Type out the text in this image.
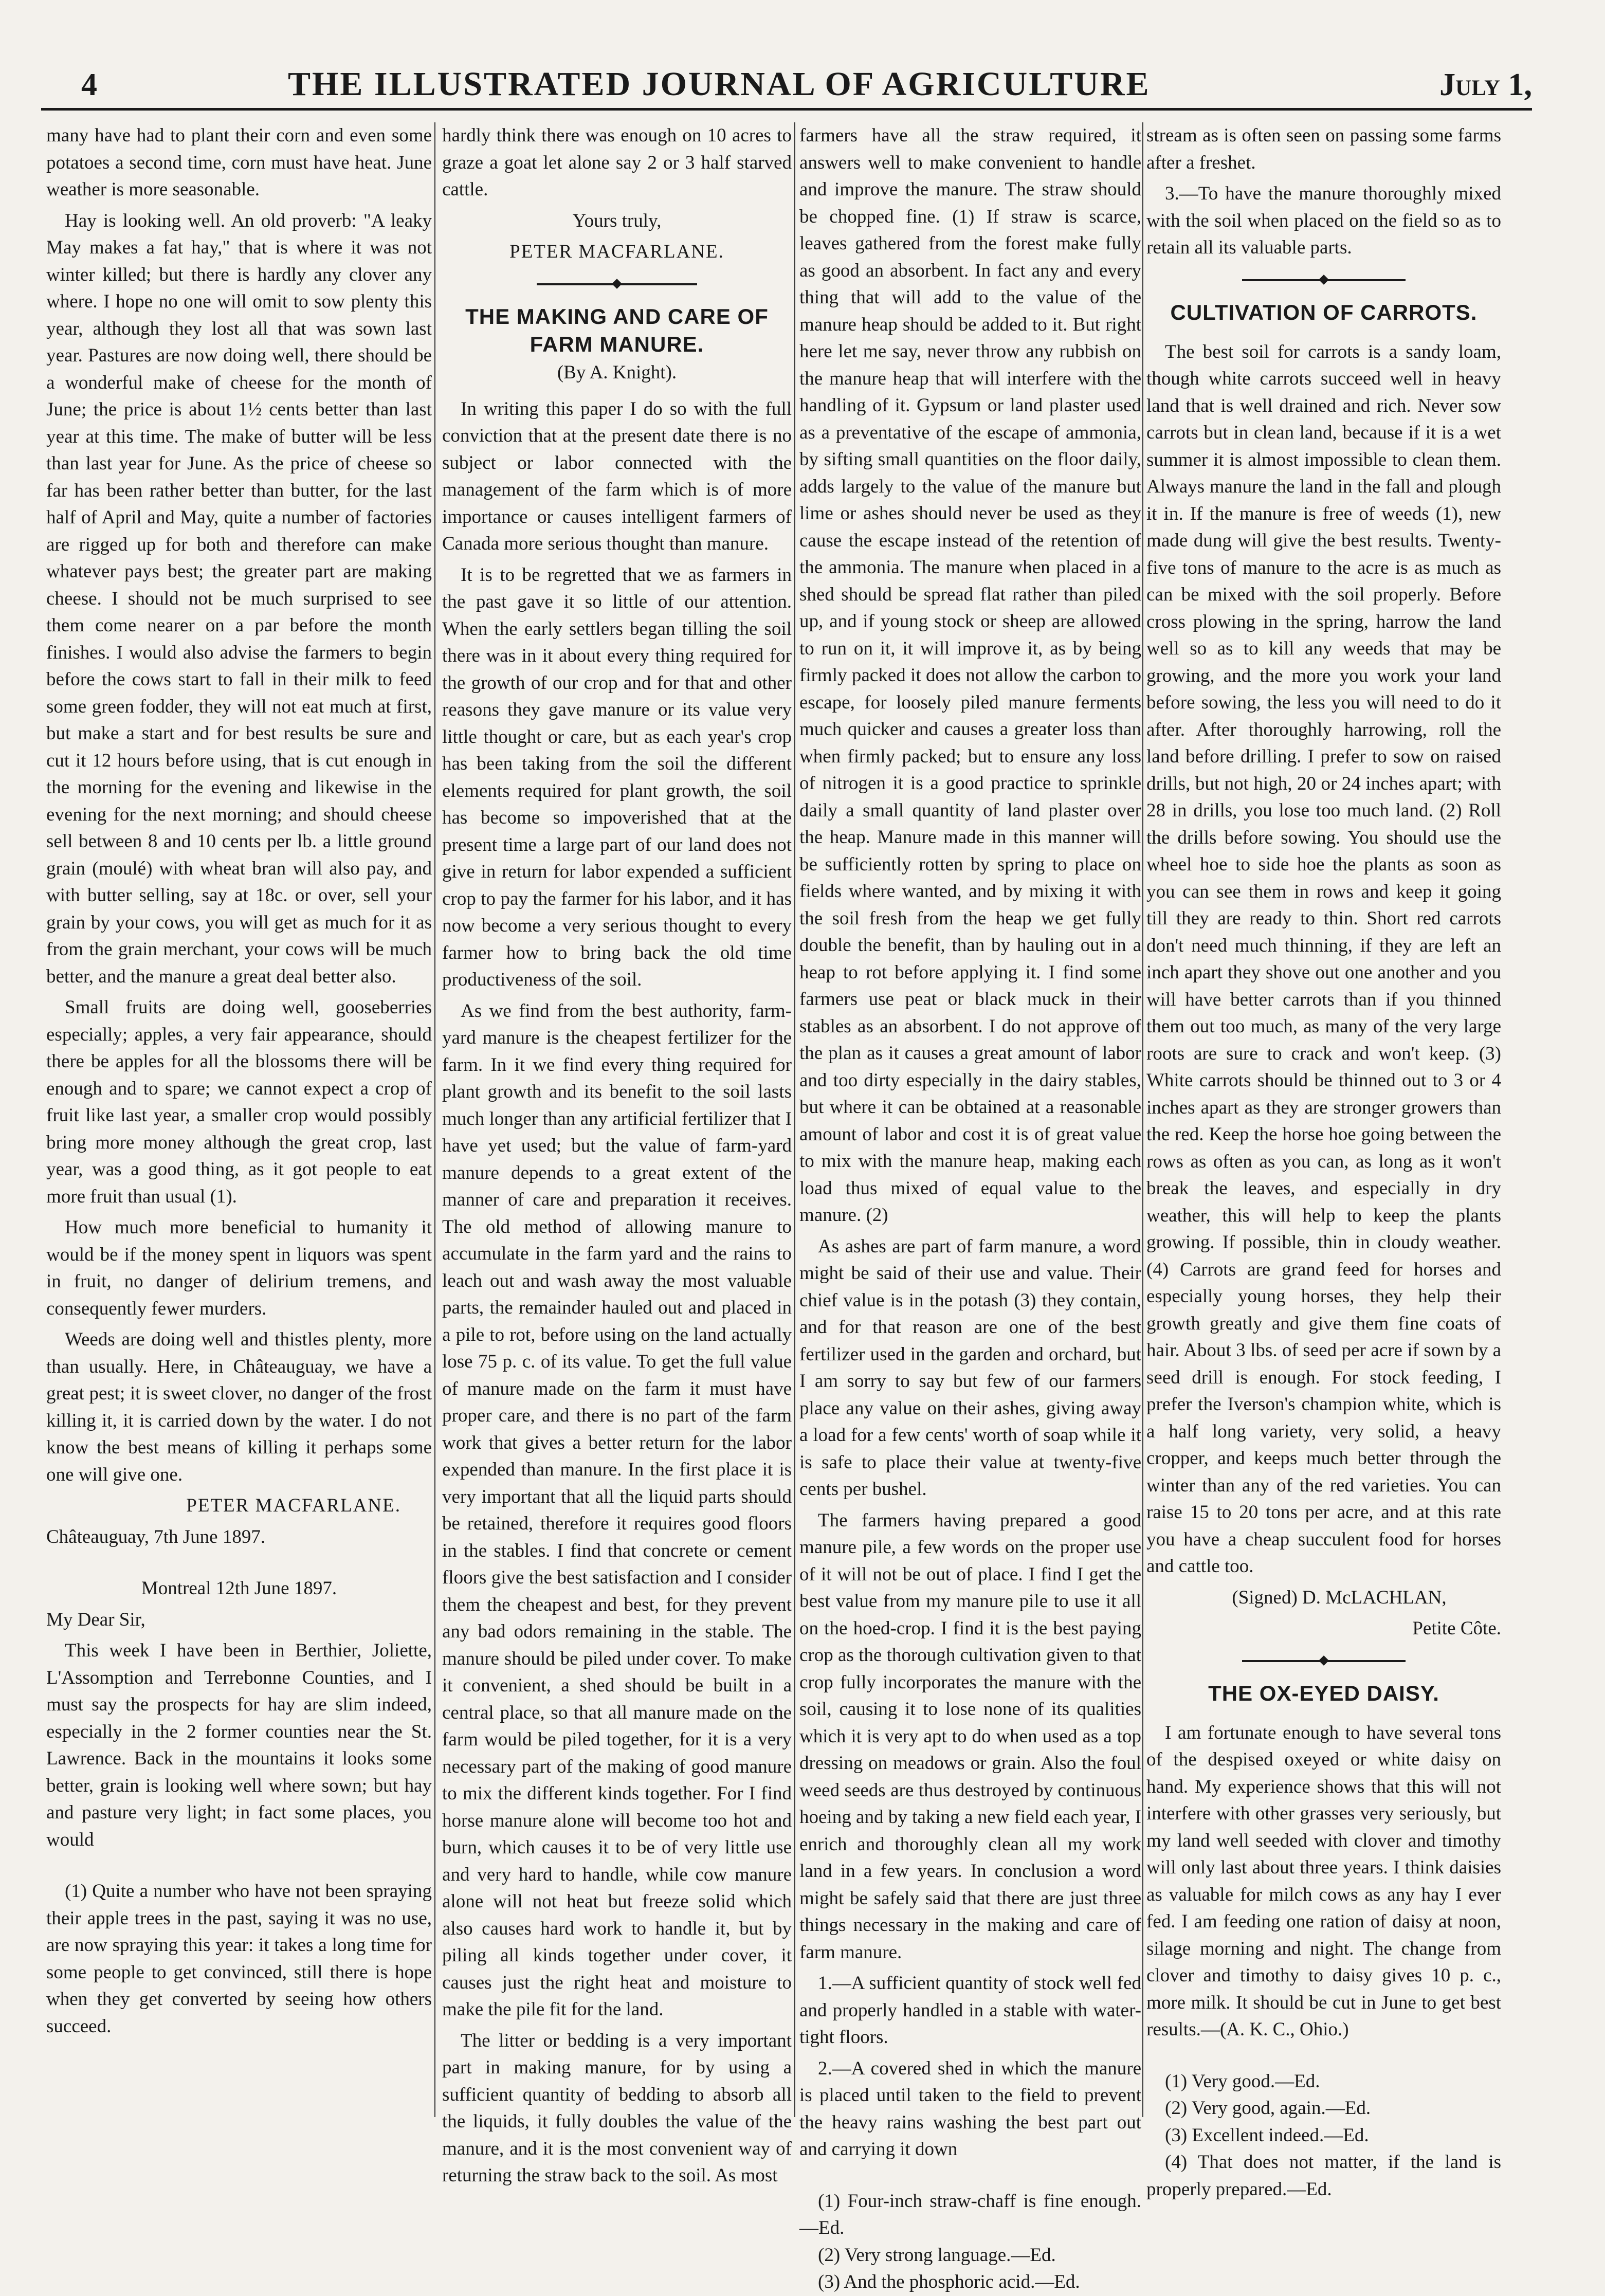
4	THE ILLUSTRATED JOURNAL OF AGRICULTURE	July 1,

many have had to plant their corn and even some potatoes a second time, corn must have heat. June weather is more seasonable.

Hay is looking well. An old proverb: "A leaky May makes a fat hay," that is where it was not winter killed; but there is hardly any clover any where. I hope no one will omit to sow plenty this year, although they lost all that was sown last year. Pastures are now doing well, there should be a wonderful make of cheese for the month of June; the price is about 1½ cents better than last year at this time. The make of butter will be less than last year for June. As the price of cheese so far has been rather better than butter, for the last half of April and May, quite a number of factories are rigged up for both and therefore can make whatever pays best; the greater part are making cheese. I should not be much surprised to see them come nearer on a par before the month finishes. I would also advise the farmers to begin before the cows start to fall in their milk to feed some green fodder, they will not eat much at first, but make a start and for best results be sure and cut it 12 hours before using, that is cut enough in the morning for the evening and likewise in the evening for the next morning; and should cheese sell between 8 and 10 cents per lb. a little ground grain (moulé) with wheat bran will also pay, and with butter selling, say at 18c. or over, sell your grain by your cows, you will get as much for it as from the grain merchant, your cows will be much better, and the manure a great deal better also.

Small fruits are doing well, gooseberries especially; apples, a very fair appearance, should there be apples for all the blossoms there will be enough and to spare; we cannot expect a crop of fruit like last year, a smaller crop would possibly bring more money although the great crop, last year, was a good thing, as it got people to eat more fruit than usual (1).

How much more beneficial to humanity it would be if the money spent in liquors was spent in fruit, no danger of delirium tremens, and consequently fewer murders.

Weeds are doing well and thistles plenty, more than usually. Here, in Châteauguay, we have a great pest; it is sweet clover, no danger of the frost killing it, it is carried down by the water. I do not know the best means of killing it perhaps some one will give one.

PETER MACFARLANE.

Châteauguay, 7th June 1897.

Montreal 12th June 1897.

My Dear Sir,

This week I have been in Berthier, Joliette, L'Assomption and Terrebonne Counties, and I must say the prospects for hay are slim indeed, especially in the 2 former counties near the St. Lawrence. Back in the mountains it looks some better, grain is looking well where sown; but hay and pasture very light; in fact some places, you would

(1) Quite a number who have not been spraying their apple trees in the past, saying it was no use, are now spraying this year: it takes a long time for some people to get convinced, still there is hope when they get converted by seeing how others succeed.

hardly think there was enough on 10 acres to graze a goat let alone say 2 or 3 half starved cattle.

Yours truly,

PETER MACFARLANE.

THE MAKING AND CARE OF FARM MANURE.
(By A. Knight).

In writing this paper I do so with the full conviction that at the present date there is no subject or labor connected with the management of the farm which is of more importance or causes intelligent farmers of Canada more serious thought than manure.

It is to be regretted that we as farmers in the past gave it so little of our attention. When the early settlers began tilling the soil there was in it about every thing required for the growth of our crop and for that and other reasons they gave manure or its value very little thought or care, but as each year's crop has been taking from the soil the different elements required for plant growth, the soil has become so impoverished that at the present time a large part of our land does not give in return for labor expended a sufficient crop to pay the farmer for his labor, and it has now become a very serious thought to every farmer how to bring back the old time productiveness of the soil.

As we find from the best authority, farm-yard manure is the cheapest fertilizer for the farm. In it we find every thing required for plant growth and its benefit to the soil lasts much longer than any artificial fertilizer that I have yet used; but the value of farm-yard manure depends to a great extent of the manner of care and preparation it receives. The old method of allowing manure to accumulate in the farm yard and the rains to leach out and wash away the most valuable parts, the remainder hauled out and placed in a pile to rot, before using on the land actually lose 75 p. c. of its value. To get the full value of manure made on the farm it must have proper care, and there is no part of the farm work that gives a better return for the labor expended than manure. In the first place it is very important that all the liquid parts should be retained, therefore it requires good floors in the stables. I find that concrete or cement floors give the best satisfaction and I consider them the cheapest and best, for they prevent any bad odors remaining in the stable. The manure should be piled under cover. To make it convenient, a shed should be built in a central place, so that all manure made on the farm would be piled together, for it is a very necessary part of the making of good manure to mix the different kinds together. For I find horse manure alone will become too hot and burn, which causes it to be of very little use and very hard to handle, while cow manure alone will not heat but freeze solid which also causes hard work to handle it, but by piling all kinds together under cover, it causes just the right heat and moisture to make the pile fit for the land.

The litter or bedding is a very important part in making manure, for by using a sufficient quantity of bedding to absorb all the liquids, it fully doubles the value of the manure, and it is the most convenient way of returning the straw back to the soil. As most

farmers have all the straw required, it answers well to make convenient to handle and improve the manure. The straw should be chopped fine. (1) If straw is scarce, leaves gathered from the forest make fully as good an absorbent. In fact any and every thing that will add to the value of the manure heap should be added to it. But right here let me say, never throw any rubbish on the manure heap that will interfere with the handling of it. Gypsum or land plaster used as a preventative of the escape of ammonia, by sifting small quantities on the floor daily, adds largely to the value of the manure but lime or ashes should never be used as they cause the escape instead of the retention of the ammonia. The manure when placed in a shed should be spread flat rather than piled up, and if young stock or sheep are allowed to run on it, it will improve it, as by being firmly packed it does not allow the carbon to escape, for loosely piled manure ferments much quicker and causes a greater loss than when firmly packed; but to ensure any loss of nitrogen it is a good practice to sprinkle daily a small quantity of land plaster over the heap. Manure made in this manner will be sufficiently rotten by spring to place on fields where wanted, and by mixing it with the soil fresh from the heap we get fully double the benefit, than by hauling out in a heap to rot before applying it. I find some farmers use peat or black muck in their stables as an absorbent. I do not approve of the plan as it causes a great amount of labor and too dirty especially in the dairy stables, but where it can be obtained at a reasonable amount of labor and cost it is of great value to mix with the manure heap, making each load thus mixed of equal value to the manure. (2)

As ashes are part of farm manure, a word might be said of their use and value. Their chief value is in the potash (3) they contain, and for that reason are one of the best fertilizer used in the garden and orchard, but I am sorry to say but few of our farmers place any value on their ashes, giving away a load for a few cents' worth of soap while it is safe to place their value at twenty-five cents per bushel.

The farmers having prepared a good manure pile, a few words on the proper use of it will not be out of place. I find I get the best value from my manure pile to use it all on the hoed-crop. I find it is the best paying crop as the thorough cultivation given to that crop fully incorporates the manure with the soil, causing it to lose none of its qualities which it is very apt to do when used as a top dressing on meadows or grain. Also the foul weed seeds are thus destroyed by continuous hoeing and by taking a new field each year, I enrich and thoroughly clean all my work land in a few years. In conclusion a word might be safely said that there are just three things necessary in the making and care of farm manure.

1.—A sufficient quantity of stock well fed and properly handled in a stable with water-tight floors.

2.—A covered shed in which the manure is placed until taken to the field to prevent the heavy rains washing the best part out and carrying it down

(1) Four-inch straw-chaff is fine enough.—Ed.

(2) Very strong language.—Ed.

(3) And the phosphoric acid.—Ed.

stream as is often seen on passing some farms after a freshet.

3.—To have the manure thoroughly mixed with the soil when placed on the field so as to retain all its valuable parts.

CULTIVATION OF CARROTS.

The best soil for carrots is a sandy loam, though white carrots succeed well in heavy land that is well drained and rich. Never sow carrots but in clean land, because if it is a wet summer it is almost impossible to clean them. Always manure the land in the fall and plough it in. If the manure is free of weeds (1), new made dung will give the best results. Twenty-five tons of manure to the acre is as much as can be mixed with the soil properly. Before cross plowing in the spring, harrow the land well so as to kill any weeds that may be growing, and the more you work your land before sowing, the less you will need to do it after. After thoroughly harrowing, roll the land before drilling. I prefer to sow on raised drills, but not high, 20 or 24 inches apart; with 28 in drills, you lose too much land. (2) Roll the drills before sowing. You should use the wheel hoe to side hoe the plants as soon as you can see them in rows and keep it going till they are ready to thin. Short red carrots don't need much thinning, if they are left an inch apart they shove out one another and you will have better carrots than if you thinned them out too much, as many of the very large roots are sure to crack and won't keep. (3) White carrots should be thinned out to 3 or 4 inches apart as they are stronger growers than the red. Keep the horse hoe going between the rows as often as you can, as long as it won't break the leaves, and especially in dry weather, this will help to keep the plants growing. If possible, thin in cloudy weather. (4) Carrots are grand feed for horses and especially young horses, they help their growth greatly and give them fine coats of hair. About 3 lbs. of seed per acre if sown by a seed drill is enough. For stock feeding, I prefer the Iverson's champion white, which is a half long variety, very solid, a heavy cropper, and keeps much better through the winter than any of the red varieties. You can raise 15 to 20 tons per acre, and at this rate you have a cheap succulent food for horses and cattle too.

(Signed) D. McLACHLAN,

Petite Côte.

THE OX-EYED DAISY.

I am fortunate enough to have several tons of the despised oxeyed or white daisy on hand. My experience shows that this will not interfere with other grasses very seriously, but my land well seeded with clover and timothy will only last about three years. I think daisies as valuable for milch cows as any hay I ever fed. I am feeding one ration of daisy at noon, silage morning and night. The change from clover and timothy to daisy gives 10 p. c., more milk. It should be cut in June to get best results.—(A. K. C., Ohio.)

(1) Very good.—Ed.

(2) Very good, again.—Ed.

(3) Excellent indeed.—Ed.

(4) That does not matter, if the land is properly prepared.—Ed.
